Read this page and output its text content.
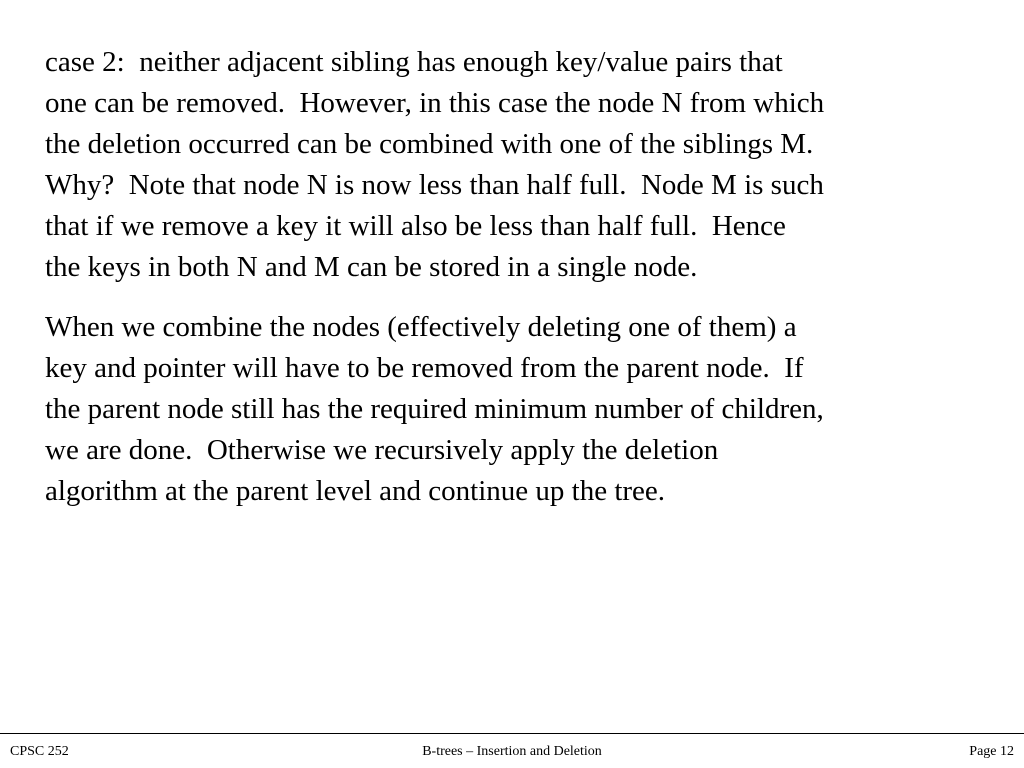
case 2:  neither adjacent sibling has enough key/value pairs that
one can be removed.  However, in this case the node N from which
the deletion occurred can be combined with one of the siblings M.
Why?  Note that node N is now less than half full.  Node M is such
that if we remove a key it will also be less than half full.  Hence
the keys in both N and M can be stored in a single node.

When we combine the nodes (effectively deleting one of them) a
key and pointer will have to be removed from the parent node.  If
the parent node still has the required minimum number of children,
we are done.  Otherwise we recursively apply the deletion
algorithm at the parent level and continue up the tree.

B-trees – Insertion and Deletion
CPSC 252	Page 12
